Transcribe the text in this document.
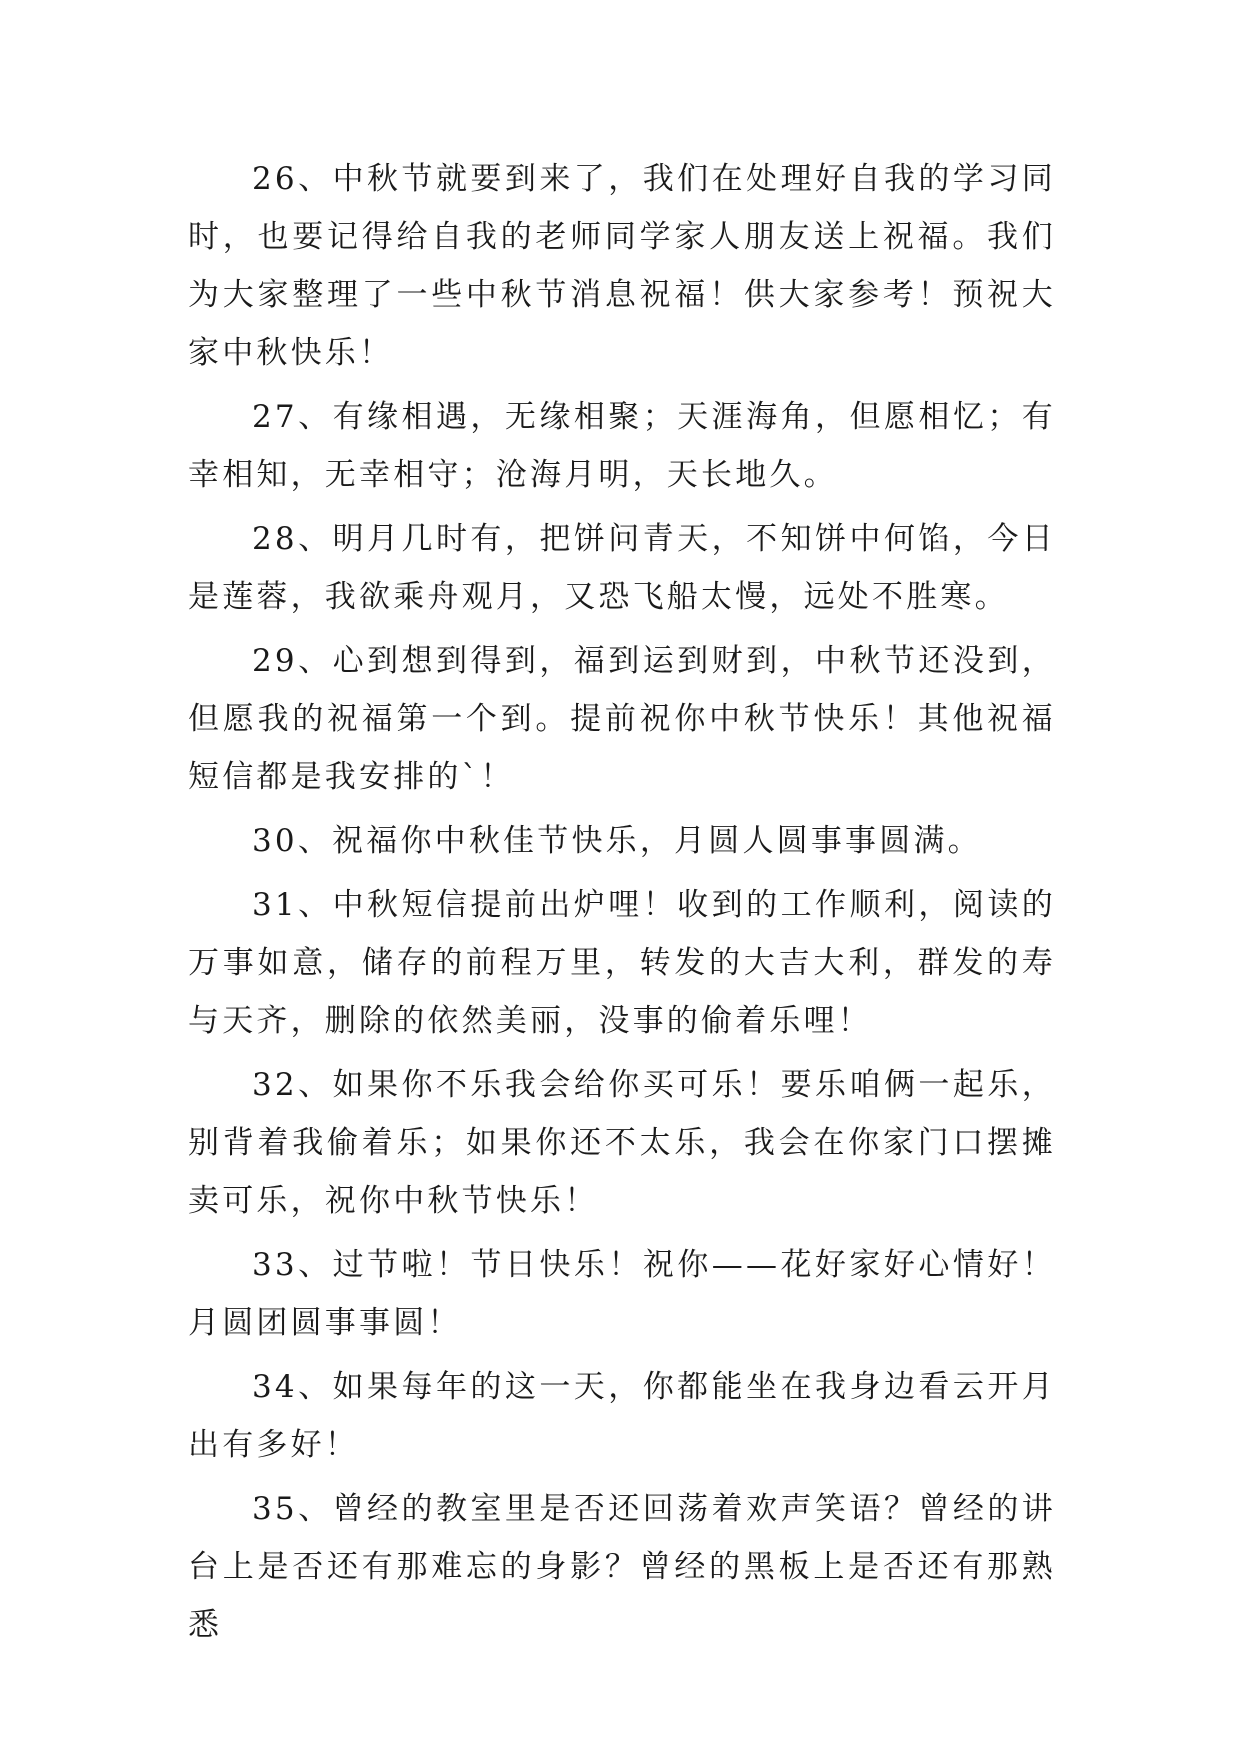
26、中秋节就要到来了，我们在处理好自我的学习同时，也要记得给自我的老师同学家人朋友送上祝福。我们为大家整理了一些中秋节消息祝福！供大家参考！预祝大家中秋快乐！

27、有缘相遇，无缘相聚；天涯海角，但愿相忆；有幸相知，无幸相守；沧海月明，天长地久。

28、明月几时有，把饼问青天，不知饼中何馅，今日是莲蓉，我欲乘舟观月，又恐飞船太慢，远处不胜寒。

29、心到想到得到，福到运到财到，中秋节还没到，但愿我的祝福第一个到。提前祝你中秋节快乐！其他祝福短信都是我安排的`！

30、祝福你中秋佳节快乐，月圆人圆事事圆满。

31、中秋短信提前出炉哩！收到的工作顺利，阅读的万事如意，储存的前程万里，转发的大吉大利，群发的寿与天齐，删除的依然美丽，没事的偷着乐哩！

32、如果你不乐我会给你买可乐！要乐咱俩一起乐，别背着我偷着乐；如果你还不太乐，我会在你家门口摆摊卖可乐，祝你中秋节快乐！

33、过节啦！节日快乐！祝你——花好家好心情好！月圆团圆事事圆！

34、如果每年的这一天，你都能坐在我身边看云开月出有多好！

35、曾经的教室里是否还回荡着欢声笑语？曾经的讲台上是否还有那难忘的身影？曾经的黑板上是否还有那熟悉
